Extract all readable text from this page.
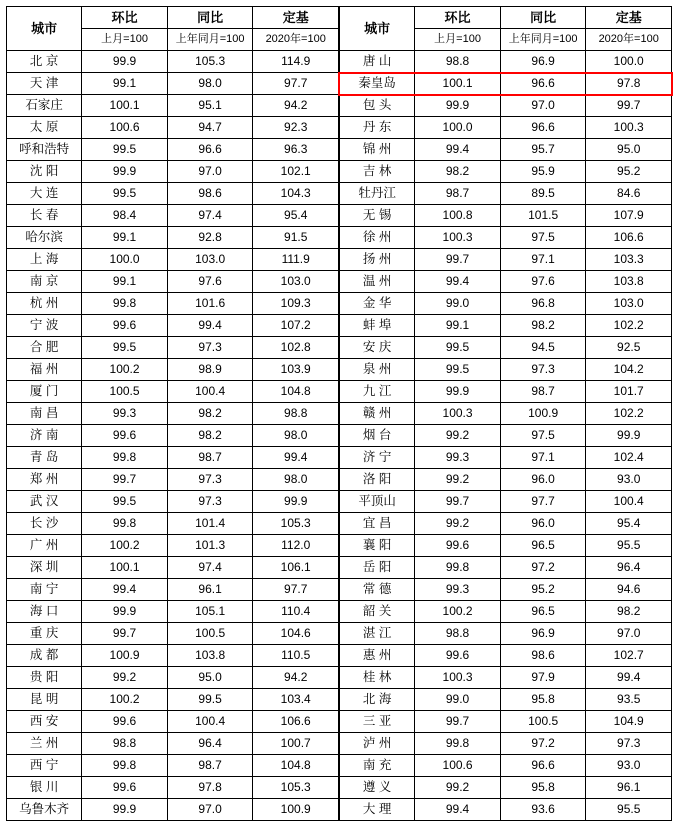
城市	环比	同比	定基
	上月=100	上年同月=100	2020年=100
北 京	99.9	105.3	114.9
天 津	99.1	98.0	97.7
石家庄	100.1	95.1	94.2
太 原	100.6	94.7	92.3
呼和浩特	99.5	96.6	96.3
沈 阳	99.9	97.0	102.1
大 连	99.5	98.6	104.3
长 春	98.4	97.4	95.4
哈尔滨	99.1	92.8	91.5
上 海	100.0	103.0	111.9
南 京	99.1	97.6	103.0
杭 州	99.8	101.6	109.3
宁 波	99.6	99.4	107.2
合 肥	99.5	97.3	102.8
福 州	100.2	98.9	103.9
厦 门	100.5	100.4	104.8
南 昌	99.3	98.2	98.8
济 南	99.6	98.2	98.0
青 岛	99.8	98.7	99.4
郑 州	99.7	97.3	98.0
武 汉	99.5	97.3	99.9
长 沙	99.8	101.4	105.3
广 州	100.2	101.3	112.0
深 圳	100.1	97.4	106.1
南 宁	99.4	96.1	97.7
海 口	99.9	105.1	110.4
重 庆	99.7	100.5	104.6
成 都	100.9	103.8	110.5
贵 阳	99.2	95.0	94.2
昆 明	100.2	99.5	103.4
西 安	99.6	100.4	106.6
兰 州	98.8	96.4	100.7
西 宁	99.8	98.7	104.8
银 川	99.6	97.8	105.3
乌鲁木齐	99.9	97.0	100.9
城市	环比	同比	定基
	上月=100	上年同月=100	2020年=100
唐 山	98.8	96.9	100.0
秦皇岛	100.1	96.6	97.8
包 头	99.9	97.0	99.7
丹 东	100.0	96.6	100.3
锦 州	99.4	95.7	95.0
吉 林	98.2	95.9	95.2
牡丹江	98.7	89.5	84.6
无 锡	100.8	101.5	107.9
徐 州	100.3	97.5	106.6
扬 州	99.7	97.1	103.3
温 州	99.4	97.6	103.8
金 华	99.0	96.8	103.0
蚌 埠	99.1	98.2	102.2
安 庆	99.5	94.5	92.5
泉 州	99.5	97.3	104.2
九 江	99.9	98.7	101.7
赣 州	100.3	100.9	102.2
烟 台	99.2	97.5	99.9
济 宁	99.3	97.1	102.4
洛 阳	99.2	96.0	93.0
平顶山	99.7	97.7	100.4
宜 昌	99.2	96.0	95.4
襄 阳	99.6	96.5	95.5
岳 阳	99.8	97.2	96.4
常 德	99.3	95.2	94.6
韶 关	100.2	96.5	98.2
湛 江	98.8	96.9	97.0
惠 州	99.6	98.6	102.7
桂 林	100.3	97.9	99.4
北 海	99.0	95.8	93.5
三 亚	99.7	100.5	104.9
泸 州	99.8	97.2	97.3
南 充	100.6	96.6	93.0
遵 义	99.2	95.8	96.1
大 理	99.4	93.6	95.5
